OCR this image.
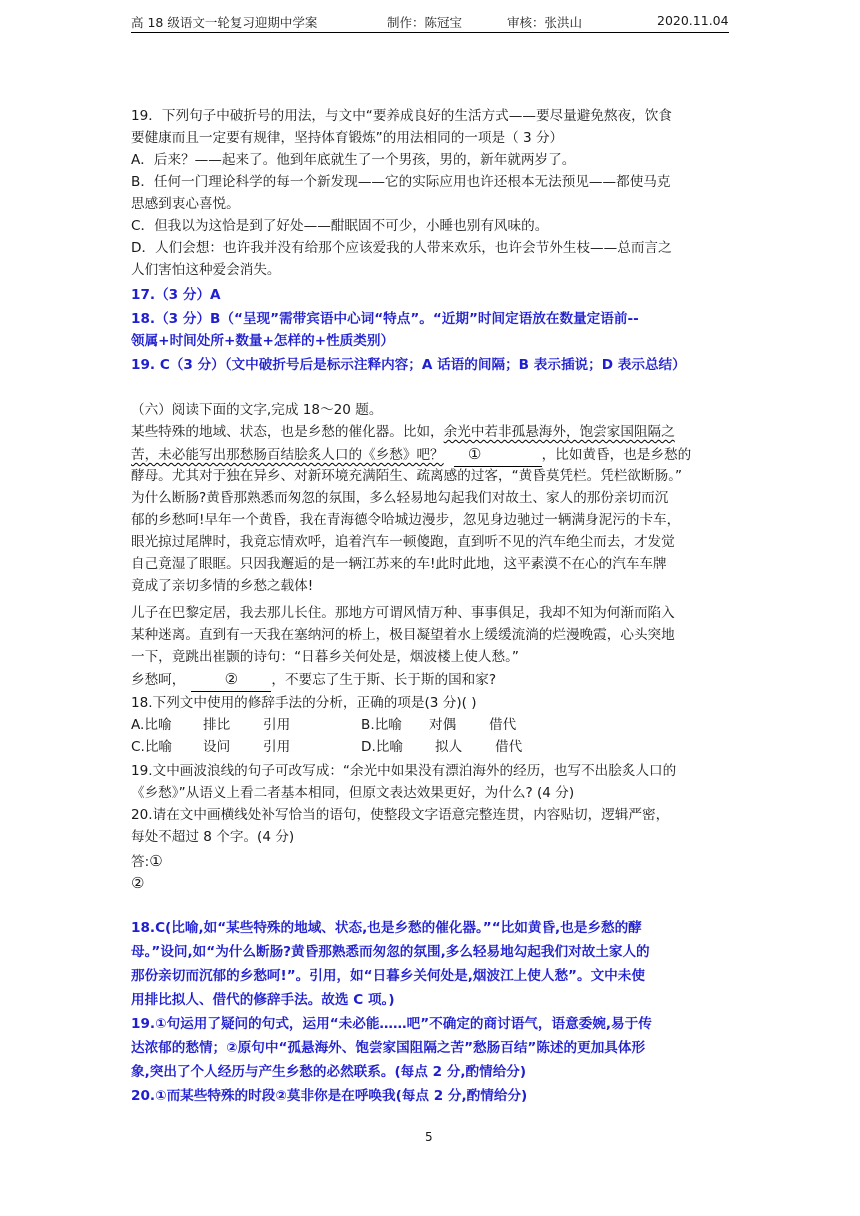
高 18 级语文一轮复习迎期中学案	制作：陈冠宝	审核：张洪山	2020.11.04
19．下列句子中破折号的用法，与文中“要养成良好的生活方式——要尽量避免熬夜，饮食
要健康而且一定要有规律，坚持体育锻炼”的用法相同的一项是（ 3 分）
A．后来？——起来了。他到年底就生了一个男孩，男的，新年就两岁了。
B．任何一门理论科学的每一个新发现——它的实际应用也许还根本无法预见——都使马克
思感到衷心喜悦。
C．但我以为这恰是到了好处——酣眠固不可少，小睡也别有风味的。
D．人们会想：也许我并没有给那个应该爱我的人带来欢乐，也许会节外生枝——总而言之
人们害怕这种爱会消失。
17.（3 分）A
18.（3 分）B（“呈现”需带宾语中心词“特点”。“近期”时间定语放在数量定语前--
领属+时间处所+数量+怎样的+性质类别）
19. C（3 分）（文中破折号后是标示注释内容；A 话语的间隔；B 表示插说；D 表示总结）
（六）阅读下面的文字,完成 18～20 题。
某些特殊的地域、状态，也是乡愁的催化器。比如，余光中若非孤悬海外，饱尝家国阻隔之
苦，未必能写出那愁肠百结脍炙人口的《乡愁》吧？ ①	，比如黄昏，也是乡愁的
酵母。尤其对于独在异乡、对新环境充满陌生、疏离感的过客，“黄昏莫凭栏。凭栏欲断肠。”
为什么断肠?黄昏那熟悉而匆忽的氛围，多么轻易地勾起我们对故土、家人的那份亲切而沉
郁的乡愁呵!早年一个黄昏，我在青海德令哈城边漫步，忽见身边驰过一辆满身泥污的卡车，
眼光掠过尾牌时，我竟忘情欢呼，追着汽车一顿傻跑，直到听不见的汽车绝尘而去，才发觉
自己竟湿了眼眶。只因我邂逅的是一辆江苏来的车!此时此地，这平素漠不在心的汽车车牌
竟成了亲切多情的乡愁之载体!
儿子在巴黎定居，我去那儿长住。那地方可谓风情万种、事事俱足，我却不知为何渐而陷入
某种迷离。直到有一天我在塞纳河的桥上，极目凝望着水上缓缓流淌的烂漫晚霞，心头突地
一下，竟跳出崔颢的诗句：“日暮乡关何处是，烟波楼上使人愁。”
乡愁呵，	② ，不要忘了生于斯、长于斯的国和家?
18.下列文中使用的修辞手法的分析，正确的项是(3 分)( )
A.比喻 排比 引用	B.比喻 对偶 借代
C.比喻 设问 引用	D.比喻 拟人 借代
19.文中画波浪线的句子可改写成：“余光中如果没有漂泊海外的经历，也写不出脍炙人口的
《乡愁》”从语义上看二者基本相同，但原文表达效果更好，为什么? (4 分)
20.请在文中画横线处补写恰当的语句，使整段文字语意完整连贯，内容贴切，逻辑严密，
每处不超过 8 个字。(4 分)
答:①
②
18.C(比喻,如“某些特殊的地域、状态,也是乡愁的催化器。”“比如黄昏,也是乡愁的酵
母。”设问,如“为什么断肠?黄昏那熟悉而匆忽的氛围,多么轻易地勾起我们对故土家人的
那份亲切而沉郁的乡愁呵!”。引用，如“日暮乡关何处是,烟波江上使人愁”。文中未使
用排比拟人、借代的修辞手法。故选 C 项。)
19.①句运用了疑问的句式，运用“未必能……吧”不确定的商讨语气，语意委婉,易于传
达浓郁的愁情；②原句中“孤悬海外、饱尝家国阻隔之苦”愁肠百结”陈述的更加具体形
象,突出了个人经历与产生乡愁的必然联系。(每点 2 分,酌情给分)
20.①而某些特殊的时段②莫非你是在呼唤我(每点 2 分,酌情给分)
5
